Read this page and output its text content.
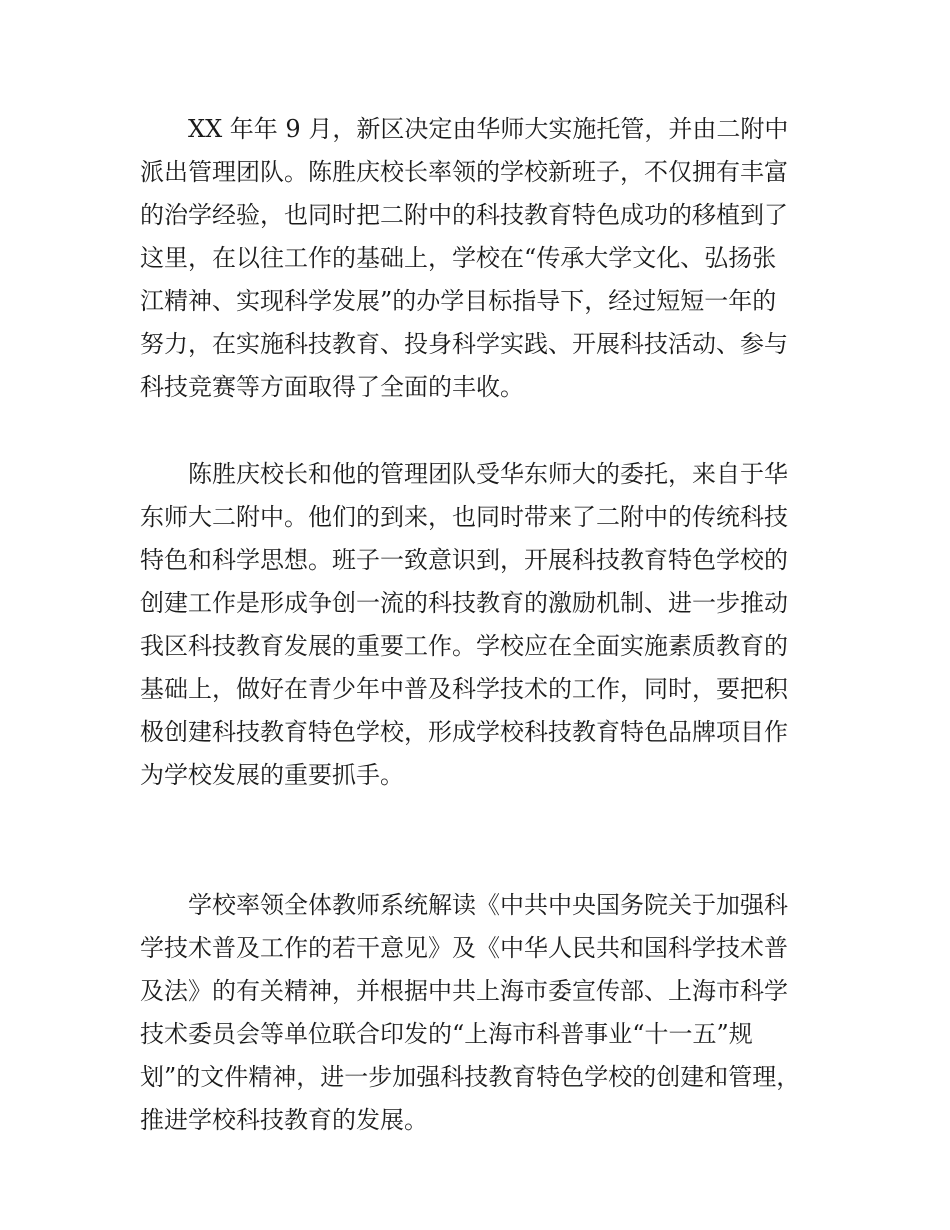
XX 年年 9 月，新区决定由华师大实施托管，并由二附中
派出管理团队。陈胜庆校长率领的学校新班子，不仅拥有丰富
的治学经验，也同时把二附中的科技教育特色成功的移植到了
这里，在以往工作的基础上，学校在“传承大学文化、弘扬张
江精神、实现科学发展”的办学目标指导下，经过短短一年的
努力，在实施科技教育、投身科学实践、开展科技活动、参与
科技竞赛等方面取得了全面的丰收。
陈胜庆校长和他的管理团队受华东师大的委托，来自于华
东师大二附中。他们的到来，也同时带来了二附中的传统科技
特色和科学思想。班子一致意识到，开展科技教育特色学校的
创建工作是形成争创一流的科技教育的激励机制、进一步推动
我区科技教育发展的重要工作。学校应在全面实施素质教育的
基础上，做好在青少年中普及科学技术的工作，同时，要把积
极创建科技教育特色学校，形成学校科技教育特色品牌项目作
为学校发展的重要抓手。
学校率领全体教师系统解读《中共中央国务院关于加强科
学技术普及工作的若干意见》及《中华人民共和国科学技术普
及法》的有关精神，并根据中共上海市委宣传部、上海市科学
技术委员会等单位联合印发的“上海市科普事业“十一五”规
划”的文件精神，进一步加强科技教育特色学校的创建和管理，
推进学校科技教育的发展。
